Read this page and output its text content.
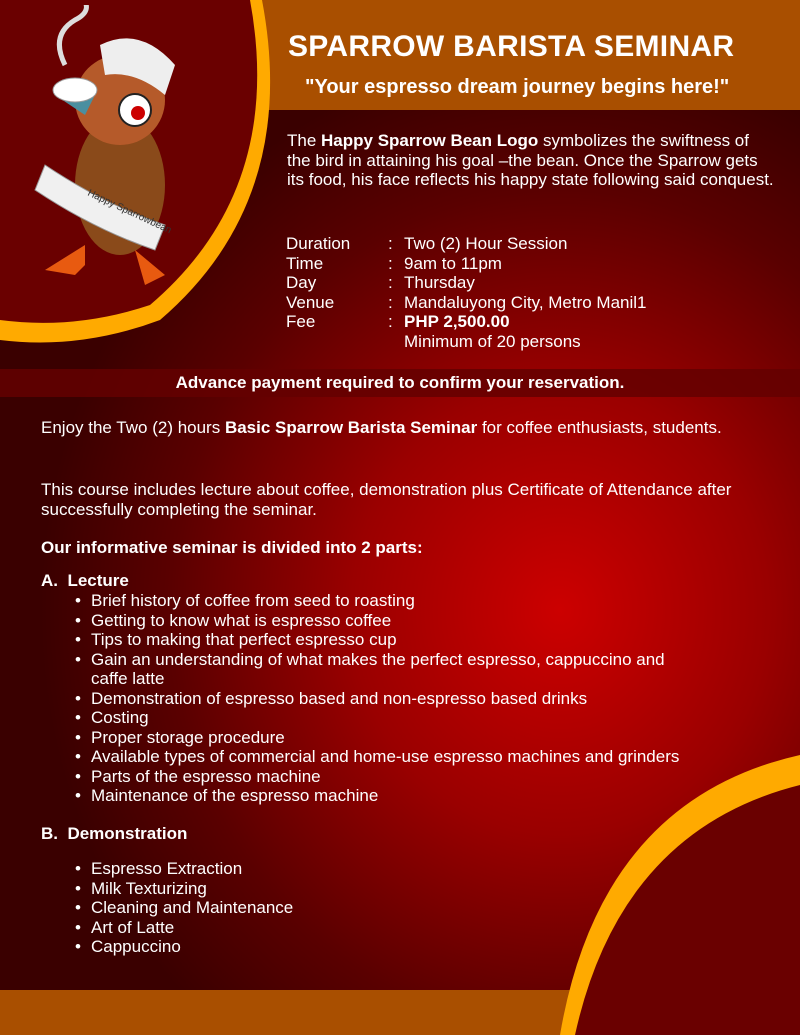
Happy Sparrowbean
SPARROW BARISTA SEMINAR
"Your espresso dream journey begins here!"
The Happy Sparrow Bean Logo symbolizes the swiftness of the bird in attaining his goal –the bean. Once the Sparrow gets its food, his face reflects his happy state following said conquest.
Duration	:	Two (2) Hour Session
Time	:	9am to 11pm
Day	:	Thursday
Venue	:	Mandaluyong City, Metro Manil1
Fee	:	PHP 2,500.00
Minimum of 20 persons
Advance payment required to confirm your reservation.
Enjoy the Two (2) hours Basic Sparrow Barista Seminar for coffee enthusiasts, students.
This course includes lecture about coffee, demonstration plus Certificate of Attendance after successfully completing the seminar.
Our informative seminar is divided into 2 parts:
A.  Lecture
• Brief history of coffee from seed to roasting
• Getting to know what is espresso coffee
• Tips to making that perfect espresso cup
• Gain an understanding of what makes the perfect espresso, cappuccino and caffe latte
• Demonstration of espresso based and non-espresso based drinks
• Costing
• Proper storage procedure
• Available types of commercial and home-use espresso machines and grinders
• Parts of the espresso machine
• Maintenance of the espresso machine
B.  Demonstration
• Espresso Extraction
• Milk Texturizing
• Cleaning and Maintenance
• Art of Latte
• Cappuccino
